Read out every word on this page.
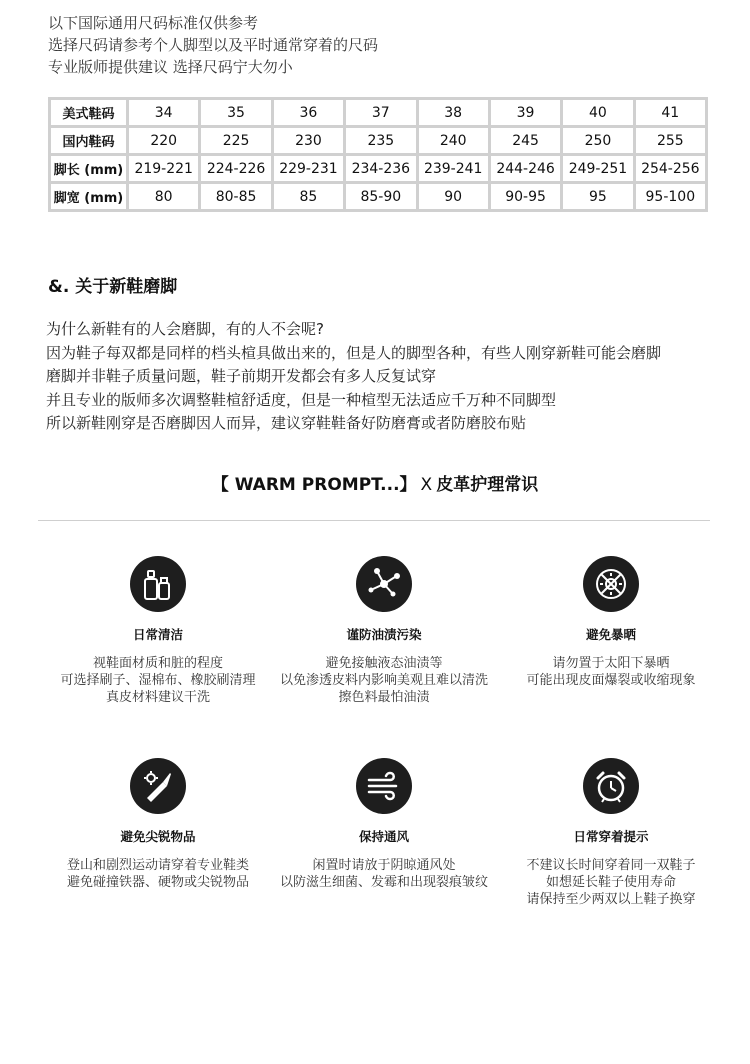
以下国际通用尺码标准仅供参考
选择尺码请参考个人脚型以及平时通常穿着的尺码
专业版师提供建议 选择尺码宁大勿小
美式鞋码	34	35	36	37	38	39	40	41
国内鞋码	220	225	230	235	240	245	250	255
脚长 (mm)	219-221	224-226	229-231	234-236	239-241	244-246	249-251	254-256
脚宽 (mm)	80	80-85	85	85-90	90	90-95	95	95-100
&. 关于新鞋磨脚
为什么新鞋有的人会磨脚，有的人不会呢?
因为鞋子每双都是同样的档头楦具做出来的，但是人的脚型各种，有些人刚穿新鞋可能会磨脚
磨脚并非鞋子质量问题，鞋子前期开发都会有多人反复试穿
并且专业的版师多次调整鞋楦舒适度，但是一种楦型无法适应千万种不同脚型
所以新鞋刚穿是否磨脚因人而异，建议穿鞋鞋备好防磨膏或者防磨胶布贴
【 WARM PROMPT...】 X 皮革护理常识
日常清洁
视鞋面材质和脏的程度
可选择刷子、湿棉布、橡胶刷清理
真皮材料建议干洗
谨防油渍污染
避免接触液态油渍等
以免渗透皮料内影响美观且难以清洗
擦色料最怕油渍
避免暴晒
请勿置于太阳下暴晒
可能出现皮面爆裂或收缩现象
避免尖锐物品
登山和剧烈运动请穿着专业鞋类
避免碰撞铁器、硬物或尖锐物品
保持通风
闲置时请放于阴晾通风处
以防滋生细菌、发霉和出现裂痕皱纹
日常穿着提示
不建议长时间穿着同一双鞋子
如想延长鞋子使用寿命
请保持至少两双以上鞋子换穿
